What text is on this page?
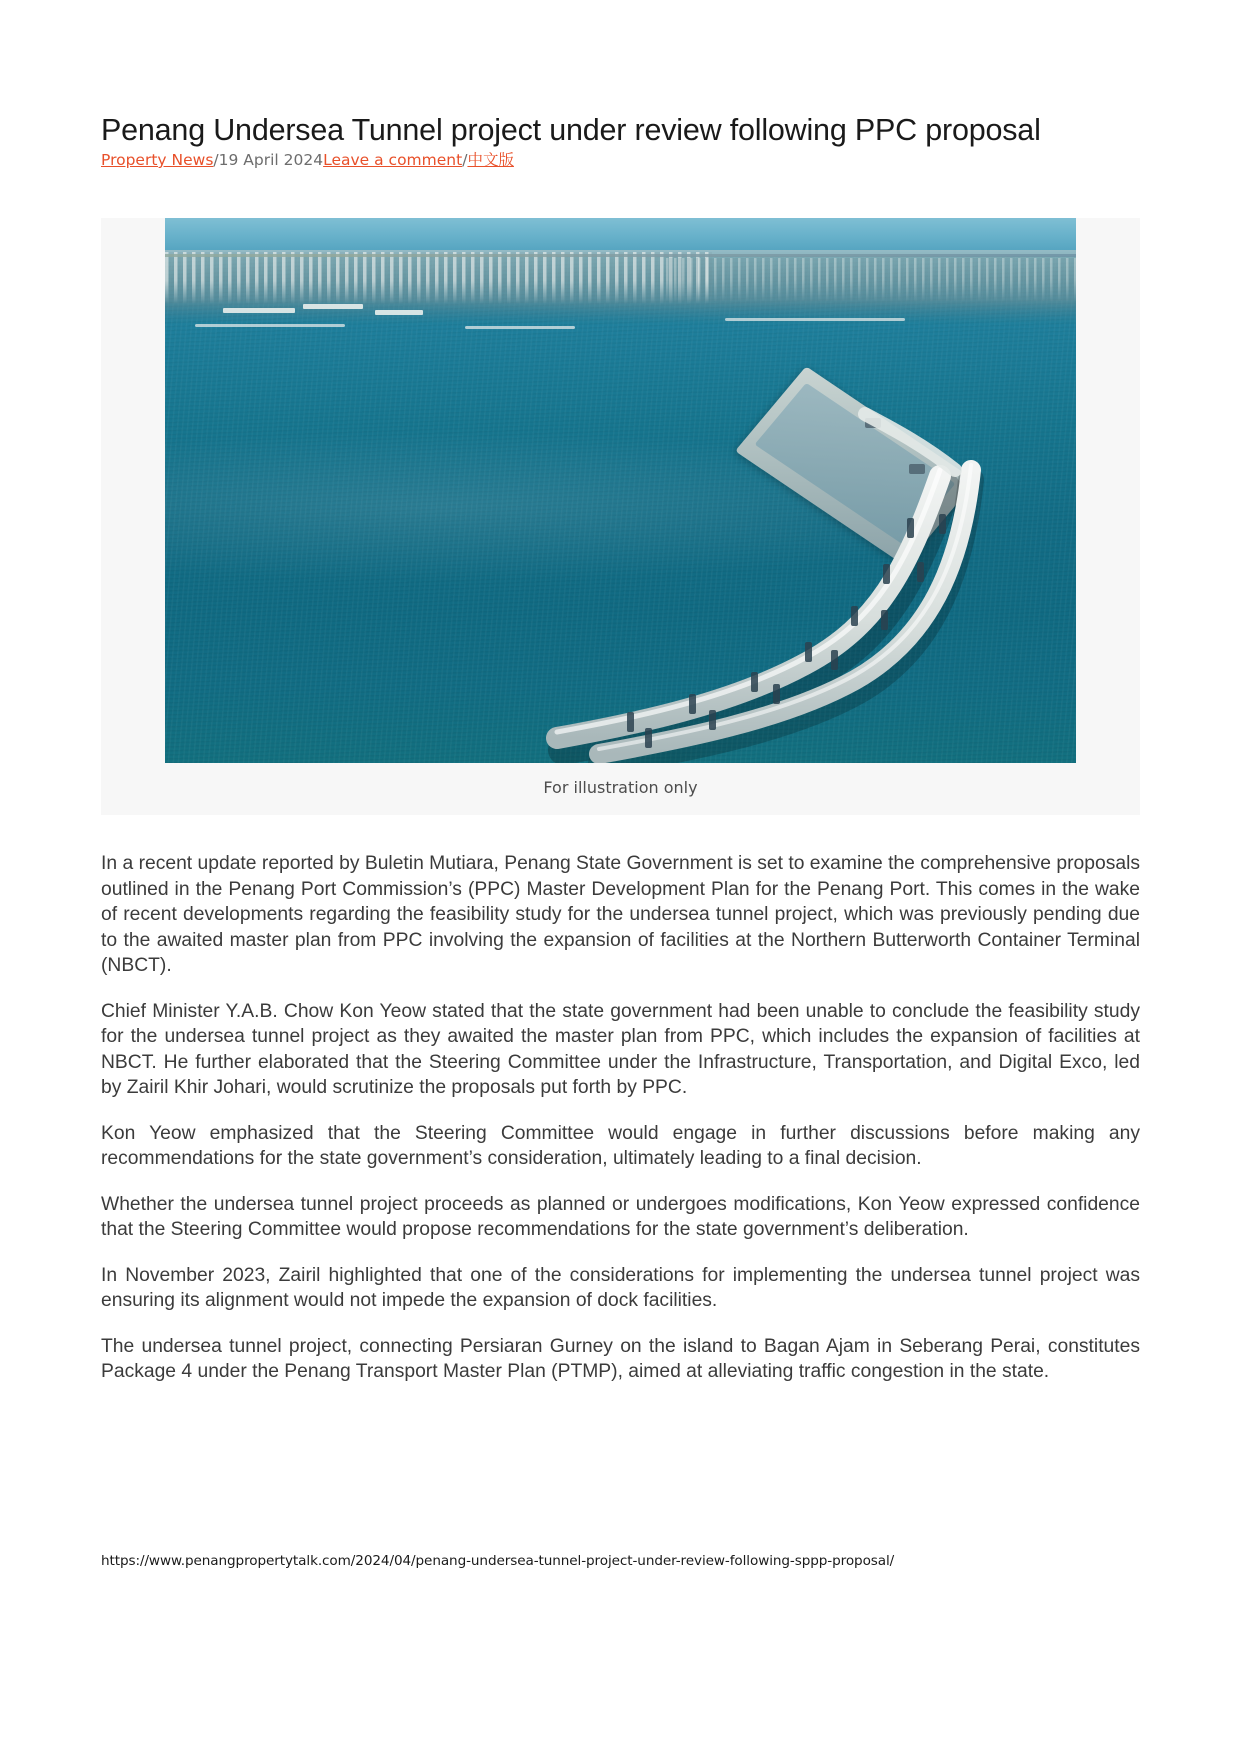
Penang Undersea Tunnel project under review following PPC proposal
Property News/19 April 2024Leave a comment/中文版
For illustration only

In a recent update reported by Buletin Mutiara, Penang State Government is set to examine the comprehensive proposals outlined in the Penang Port Commission’s (PPC) Master Development Plan for the Penang Port. This comes in the wake of recent developments regarding the feasibility study for the undersea tunnel project, which was previously pending due to the awaited master plan from PPC involving the expansion of facilities at the Northern Butterworth Container Terminal (NBCT).

Chief Minister Y.A.B. Chow Kon Yeow stated that the state government had been unable to conclude the feasibility study for the undersea tunnel project as they awaited the master plan from PPC, which includes the expansion of facilities at NBCT. He further elaborated that the Steering Committee under the Infrastructure, Transportation, and Digital Exco, led by Zairil Khir Johari, would scrutinize the proposals put forth by PPC.

Kon Yeow emphasized that the Steering Committee would engage in further discussions before making any recommendations for the state government’s consideration, ultimately leading to a final decision.

Whether the undersea tunnel project proceeds as planned or undergoes modifications, Kon Yeow expressed confidence that the Steering Committee would propose recommendations for the state government’s deliberation.

In November 2023, Zairil highlighted that one of the considerations for implementing the undersea tunnel project was ensuring its alignment would not impede the expansion of dock facilities.

The undersea tunnel project, connecting Persiaran Gurney on the island to Bagan Ajam in Seberang Perai, constitutes Package 4 under the Penang Transport Master Plan (PTMP), aimed at alleviating traffic congestion in the state.

https://www.penangpropertytalk.com/2024/04/penang-undersea-tunnel-project-under-review-following-sppp-proposal/
